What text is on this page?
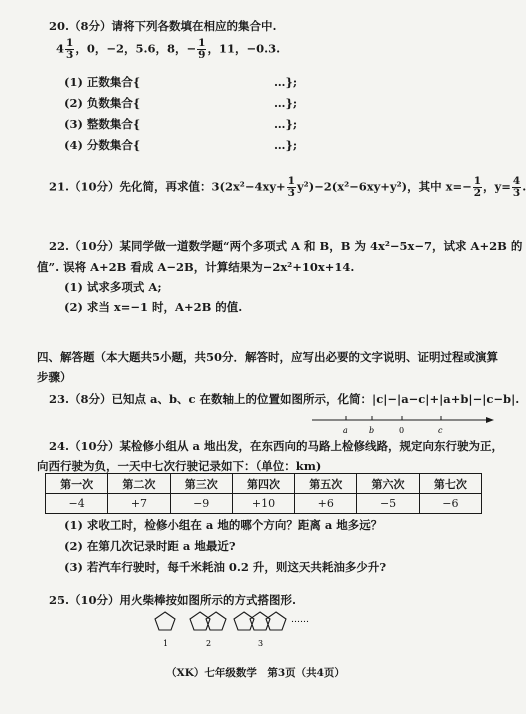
20.（8分）请将下列各数填在相应的集合中.
$4 \frac{1}{3}$ ，0，−2，5.6，8，− $\frac{1}{9}$ ，11，−0.3.
(1) 正数集合{	…};
(2) 负数集合{	…};
(3) 整数集合{	…};
(4) 分数集合{	…};
21.（10分）先化简，再求值：$3(2x^2-4xy+ \frac{1}{3} y^2)-2(x^2-6xy+y^2)$，其中 $x=- \frac{1}{2}$ ，$y= \frac{4}{3}$ .
22.（10分）某同学做一道数学题“两个多项式 A 和 B，B 为 4x²−5x−7，试求 A+2B 的
值”. 误将 A+2B 看成 A−2B，计算结果为−2x²+10x+14.
(1) 试求多项式 A;
(2) 求当 x=−1 时，A+2B 的值.
四、解答题（本大题共5小题，共50分．解答时，应写出必要的文字说明、证明过程或演算
步骤）
23.（8分）已知点 a、b、c 在数轴上的位置如图所示，化简：|c|−|a−c|+|a+b|−|c−b|.
a	b	0	c
24.（10分）某检修小组从 a 地出发，在东西向的马路上检修线路，规定向东行驶为正，
向西行驶为负，一天中七次行驶记录如下：（单位：km)
第一次	第二次	第三次	第四次	第五次	第六次	第七次
−4	+7	−9	+10	+6	−5	−6
(1) 求收工时，检修小组在 a 地的哪个方向？距离 a 地多远？
(2) 在第几次记录时距 a 地最近?
(3) 若汽车行驶时，每千米耗油 0.2 升，则这天共耗油多少升?
25.（10分）用火柴棒按如图所示的方式搭图形.
……
1	2	3
（XK）七年级数学　第3页（共4页）
